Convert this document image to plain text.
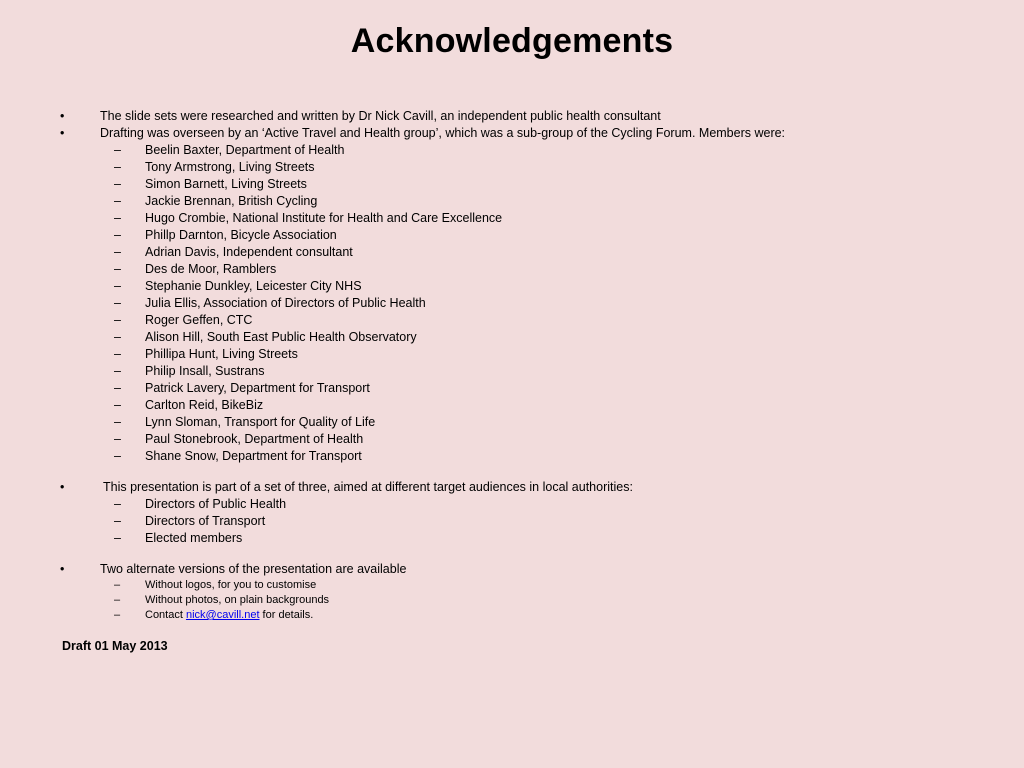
Acknowledgements
•	The slide sets were researched and written by Dr Nick Cavill, an independent public health consultant
•	Drafting was overseen by an ‘Active Travel and Health group’, which was a sub-group of the Cycling Forum. Members were:
– Beelin Baxter, Department of Health
– Tony Armstrong, Living Streets
– Simon Barnett, Living Streets
– Jackie Brennan, British Cycling
– Hugo Crombie, National Institute for Health and Care Excellence
– Phillp Darnton, Bicycle Association
– Adrian Davis, Independent consultant
– Des de Moor, Ramblers
– Stephanie Dunkley, Leicester City NHS
– Julia Ellis, Association of Directors of Public Health
– Roger Geffen, CTC
– Alison Hill, South East Public Health Observatory
– Phillipa Hunt, Living Streets
– Philip Insall, Sustrans
– Patrick Lavery, Department for Transport
– Carlton Reid, BikeBiz
– Lynn Sloman, Transport for Quality of Life
– Paul Stonebrook, Department of Health
– Shane Snow, Department for Transport
•	This presentation is part of a set of three, aimed at different target audiences in local authorities:
– Directors of Public Health
– Directors of Transport
– Elected members
•	Two alternate versions of the presentation are available
– Without logos, for you to customise
– Without photos, on plain backgrounds
– Contact nick@cavill.net for details.
Draft 01 May 2013
